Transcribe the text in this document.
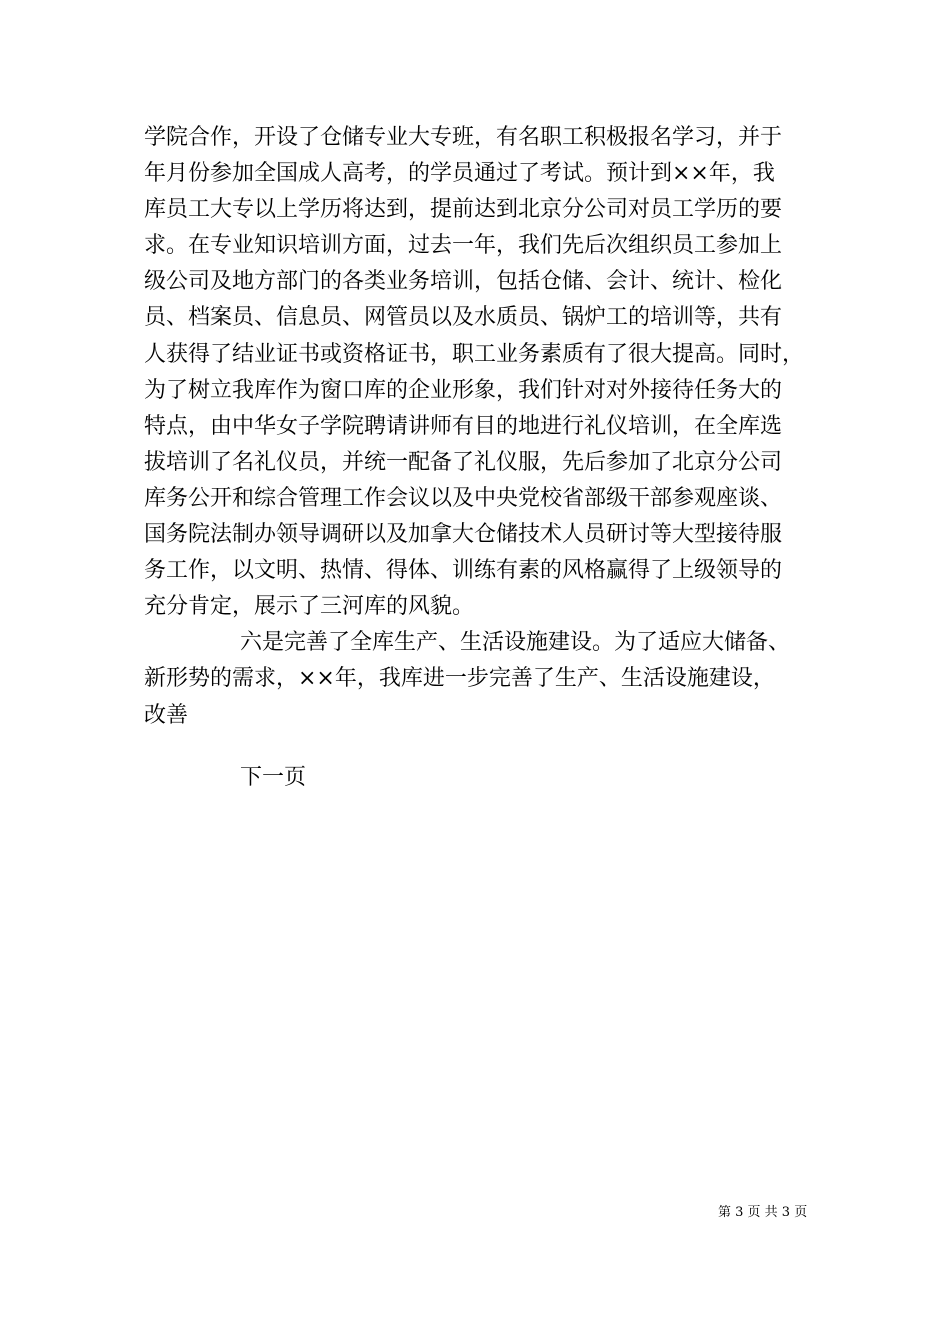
学院合作，开设了仓储专业大专班，有名职工积极报名学习，并于
年月份参加全国成人高考，的学员通过了考试。预计到××年，我
库员工大专以上学历将达到，提前达到北京分公司对员工学历的要
求。在专业知识培训方面，过去一年，我们先后次组织员工参加上
级公司及地方部门的各类业务培训，包括仓储、会计、统计、检化
员、档案员、信息员、网管员以及水质员、锅炉工的培训等，共有
人获得了结业证书或资格证书，职工业务素质有了很大提高。同时，
为了树立我库作为窗口库的企业形象，我们针对对外接待任务大的
特点，由中华女子学院聘请讲师有目的地进行礼仪培训，在全库选
拔培训了名礼仪员，并统一配备了礼仪服，先后参加了北京分公司
库务公开和综合管理工作会议以及中央党校省部级干部参观座谈、
国务院法制办领导调研以及加拿大仓储技术人员研讨等大型接待服
务工作，以文明、热情、得体、训练有素的风格赢得了上级领导的
充分肯定，展示了三河库的风貌。
六是完善了全库生产、生活设施建设。为了适应大储备、
新形势的需求，××年，我库进一步完善了生产、生活设施建设，
改善
下一页
第 3 页 共 3 页
